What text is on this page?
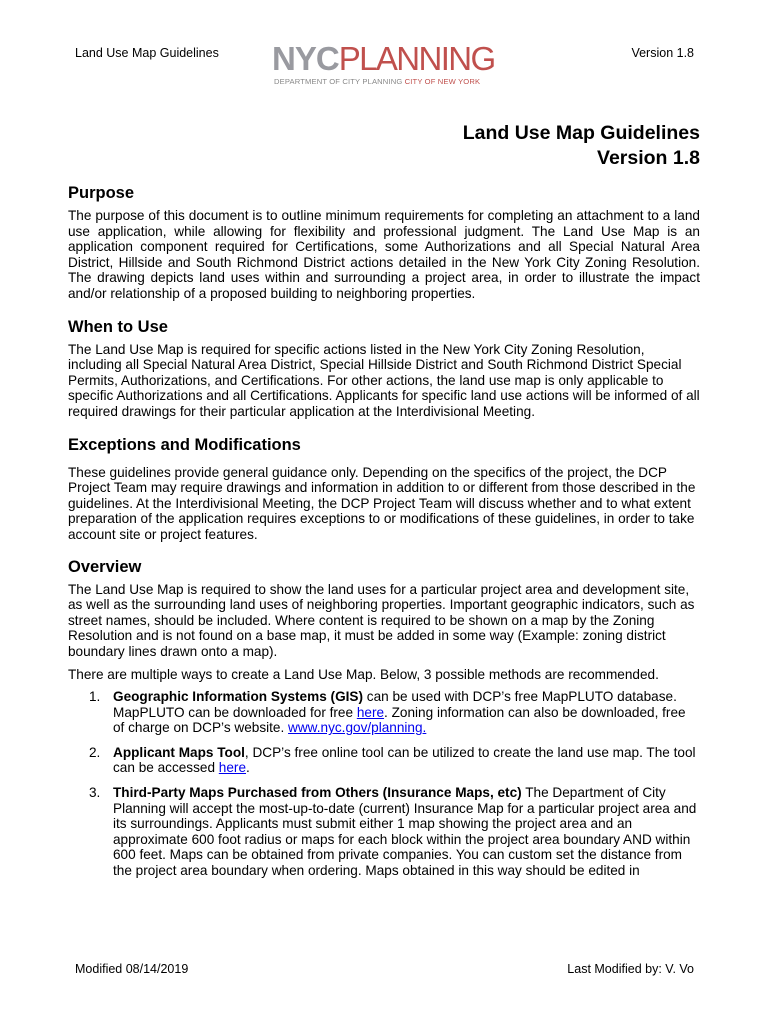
Land Use Map Guidelines NYCPLANNING
DEPARTMENT OF CITY PLANNING CITY OF NEW YORK
Version 1.8
Land Use Map Guidelines
Version 1.8
Purpose

The purpose of this document is to outline minimum requirements for completing an attachment to a land use application, while allowing for flexibility and professional judgment. The Land Use Map is an application component required for Certifications, some Authorizations and all Special Natural Area District, Hillside and South Richmond District actions detailed in the New York City Zoning Resolution. The drawing depicts land uses within and surrounding a project area, in order to illustrate the impact and/or relationship of a proposed building to neighboring properties.

When to Use

The Land Use Map is required for specific actions listed in the New York City Zoning Resolution, including all Special Natural Area District, Special Hillside District and South Richmond District Special Permits, Authorizations, and Certifications. For other actions, the land use map is only applicable to specific Authorizations and all Certifications. Applicants for specific land use actions will be informed of all required drawings for their particular application at the Interdivisional Meeting.

Exceptions and Modifications

These guidelines provide general guidance only. Depending on the specifics of the project, the DCP Project Team may require drawings and information in addition to or different from those described in the guidelines. At the Interdivisional Meeting, the DCP Project Team will discuss whether and to what extent preparation of the application requires exceptions to or modifications of these guidelines, in order to take account site or project features.

Overview

The Land Use Map is required to show the land uses for a particular project area and development site, as well as the surrounding land uses of neighboring properties. Important geographic indicators, such as street names, should be included. Where content is required to be shown on a map by the Zoning Resolution and is not found on a base map, it must be added in some way (Example: zoning district boundary lines drawn onto a map).

There are multiple ways to create a Land Use Map. Below, 3 possible methods are recommended.

1. Geographic Information Systems (GIS) can be used with DCP’s free MapPLUTO database. MapPLUTO can be downloaded for free here. Zoning information can also be downloaded, free of charge on DCP’s website. www.nyc.gov/planning.
2. Applicant Maps Tool, DCP’s free online tool can be utilized to create the land use map. The tool can be accessed here.
3. Third-Party Maps Purchased from Others (Insurance Maps, etc) The Department of City Planning will accept the most-up-to-date (current) Insurance Map for a particular project area and its surroundings. Applicants must submit either 1 map showing the project area and an approximate 600 foot radius or maps for each block within the project area boundary AND within 600 feet. Maps can be obtained from private companies. You can custom set the distance from the project area boundary when ordering. Maps obtained in this way should be edited in
Modified 08/14/2019	Last Modified by: V. Vo
